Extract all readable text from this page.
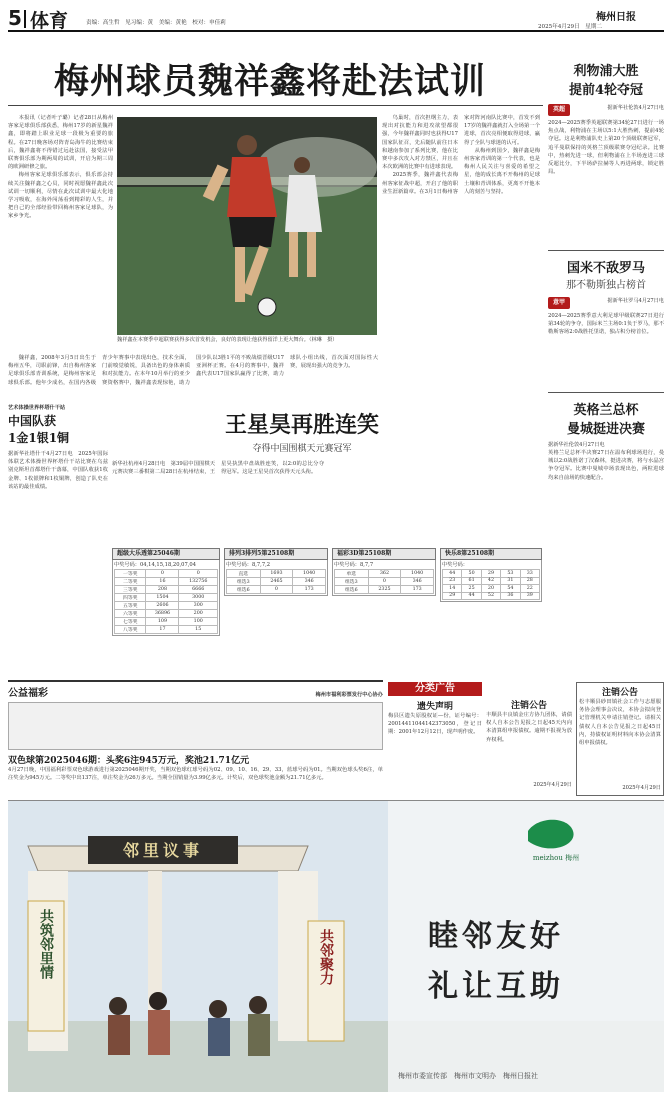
5 体育	责编：高生哲　见习编：黄　美编：黄艳　校对：申佳莉	梅州日报
2025年4月29日　星期二
梅州球员魏祥鑫将赴法试训

本报讯（记者叶子璐）记者28日从梅州客家足球俱乐部获悉，梅州17岁的新星魏祥鑫，即将踏上职业足球一段极为重要的旅程。在27日晚客场对阵青岛海牛的比赛结束后，魏祥鑫将不得错过远赴法国，接受法甲联赛俱乐部为期两周的试训，开启为期三周的欧洲研修之旅。

梅州客家足球俱乐部表示，俱乐部会持续关注魏祥鑫之心员，同时祝愿魏祥鑫此次试训一切顺利，尽情在此次试训中最大化地学习吸收，在海外闯荡看到精彩的人生，并把自己的全部经验带回梅州客家足球队，为家乡争光。

魏祥鑫，2008年3月5日出生于梅州五华，司职前锋，出自梅州客家足球俱乐部青训系统，是梅州客家足球俱乐部。他年少成名，在国内各级青少年赛事中表现出色，技术全面，门前嗅觉敏锐，具备出色的身体素质和对抗能力。在本年10月举行的亚少赛资格赛中，魏祥鑫表现惊艳，助力国少队以3胜1平的不败战绩晋级U17亚洲杯正赛。在4月的赛事中，魏祥鑫代表U17国家队赢得了比赛，助力球队小组出线，首次面对国际性大赛，展现出强大的竞争力。

鸟巢时，首次担纲主力，表现出对抗能力和进攻欲望都很强，今年魏祥鑫同时也获得U17国家队征召，先后随队前往日本和越南参加了系列比赛，他在比赛中多次攻入对方禁区，并且在本次欧洲的比赛中有进球表现。

2025赛季，魏祥鑫代表梅州客家征战中超，开启了他的职业生涯新篇章。在3月1日梅州客家对阵河南队比赛中，首发不到17岁的魏祥鑫就打入全场第一个进球，首次亮相便取得进球，赢得了全队与球迷的认可。

从梅州到国少，魏祥鑫是梅州客家青训的第一个代表，也是梅州人民关注与喜爱的希望之星，他的成长离不开梅州的足球土壤和青训体系，更离不开他本人的刻苦与坚持。

魏祥鑫在本赛季中超联赛获得多次首发机会，良好的表现让他获得留洋上更大舞台。（林琳　摄）
利物浦大胜
提前4轮夺冠
英超	据新华社伦敦4月27日电
2024—2025赛季英超联赛第34轮27日进行一场焦点战，利物浦在主场以5:1大胜热刺，提前4轮夺冠。这是利物浦队史上第20个顶级联赛冠军，追平曼联保持的英格兰顶级联赛夺冠纪录。比赛中，热刺先进一球，但利物浦在上半场连进三球反超比分，下半场萨拉赫等人再进两球，锁定胜局。
国米不敌罗马
那不勒斯独占榜首
意甲	据新华社罗马4月27日电
2024—2025赛季意大利足球甲级联赛27日进行第34轮的争夺，国际米兰主场0:1负于罗马，那不勒斯客场2:0战胜托里诺，独占积分榜首位。
英格兰总杯
曼城挺进决赛
据新华社伦敦4月27日电
英格兰足总杯半决赛27日在温布利球场进行，曼城以2:0战胜诺丁汉森林，挺进决赛，将与水晶宫争夺冠军。比赛中曼城中场表现出色，两粒进球均来自前场的快速配合。
艺术体操世界杯塔什干站
中国队获
1金1银1铜
据新华社塔什干4月27日电　2025年国际体联艺术体操世界杯塔什干站比赛在乌兹别克斯坦首都塔什干落幕，中国队收获1枚金牌、1枚银牌和1枚铜牌，创造了队史在该站的最佳成绩。
王星昊再胜连笑
夺得中国围棋天元赛冠军
新华社杭州4月28日电　第39届中国围棋天元赛决赛三番棋第二局28日在杭州结束，王星昊执黑中盘战胜连笑，以2:0的总比分夺得冠军。这是王星昊首次获得天元头衔。
超级大乐透第25046期
中奖号码：04,14,15,18,20,07,04
一等奖	0	0
二等奖	16	132756
三等奖	208	6666
四等奖	1504	3000
五等奖	2606	300
六等奖	36896	200
七等奖	109	100
八等奖	17	15
排列3排列5第25108期
中奖号码：8,7,7,2
直选	1693	1040
组选3	2465	346
组选6	0	173
福彩3D第25108期
中奖号码：8,7,7
单选	362	1040
组选3	0	346
组选6	2325	173
快乐8第25108期
中奖号码：
44	50	29	53	33
23	61	42	31	28
14	25	20	54	22
29	44	52	36	39
公益福彩	梅州市福利彩票发行中心协办
双色球第2025046期：头奖6注945万元，奖池21.71亿元
4月27日晚，中国福利彩票双色球游戏进行第2025046期开奖，当期双色球红球号码为02、09、10、16、29、33，蓝球号码为01。当期双色球头奖6注，单注奖金为945万元。二等奖中出137注，单注奖金为26万多元。当期全国销量为3.99亿多元。计奖后，双色球奖池金额为21.71亿多元。
分类广告
遗失声明
梅县区遗失原股权证—份，证号编号：20014411044142373050，登记日期：2001年12月12日，现声明作废。
注销公告
丰顺县丰良镇金庄方协九团体，请债权人自本公告见报之日起45天内向本清算组申报债权。逾期不报视为放弃权利。
2025年4月29日
注销公告
松丰顺县砂田镇社会工作与志愿服务协会理事会决议，本协会拟向登记管理机关申请注销登记。请相关债权人自本公告见报之日起45日内，持债权证明材料向本协会清算组申报债权。
2025年4月29日
邻里议事
共筑邻里情	共邻聚力
meizhou 梅州
睦邻友好
礼让互助
梅州市委宣传部　梅州市文明办　梅州日报社
